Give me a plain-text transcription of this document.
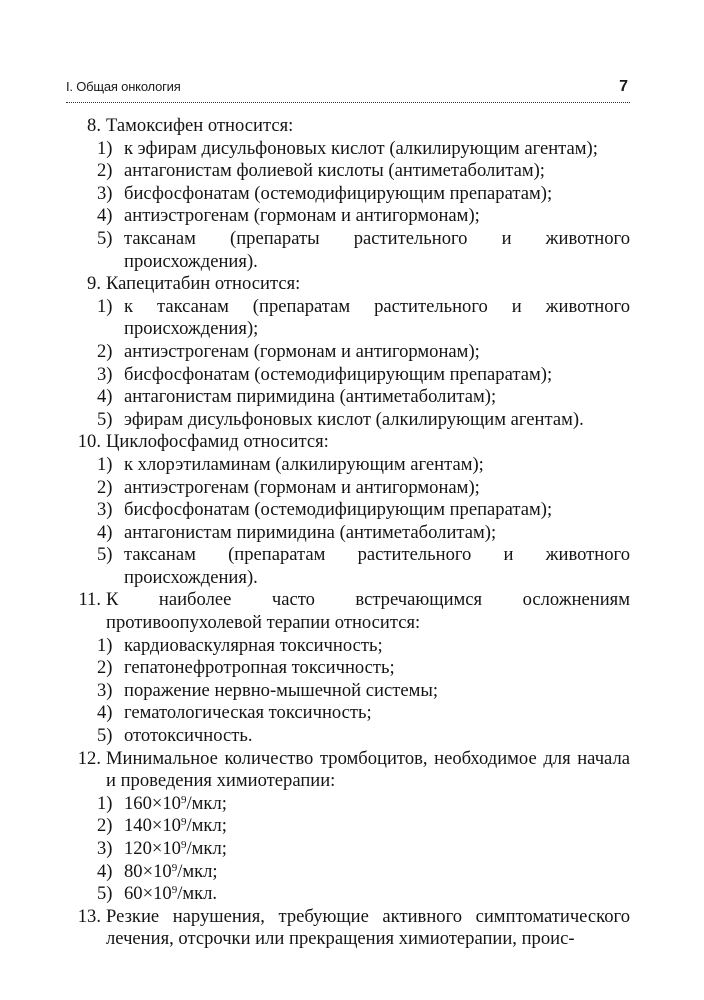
I. Общая онкология	7
8. Тамоксифен относится:
1) к эфирам дисульфоновых кислот (алкилирующим агентам);
2) антагонистам фолиевой кислоты (антиметаболитам);
3) бисфосфонатам (остемодифицирующим препаратам);
4) антиэстрогенам (гормонам и антигормонам);
5) таксанам (препараты растительного и животного происхождения).
9. Капецитабин относится:
1) к таксанам (препаратам растительного и животного происхождения);
2) антиэстрогенам (гормонам и антигормонам);
3) бисфосфонатам (остемодифицирующим препаратам);
4) антагонистам пиримидина (антиметаболитам);
5) эфирам дисульфоновых кислот (алкилирующим агентам).
10. Циклофосфамид относится:
1) к хлорэтиламинам (алкилирующим агентам);
2) антиэстрогенам (гормонам и антигормонам);
3) бисфосфонатам (остемодифицирующим препаратам);
4) антагонистам пиримидина (антиметаболитам);
5) таксанам (препаратам растительного и животного происхождения).
11. К наиболее часто встречающимся осложнениям противоопухолевой терапии относится:
1) кардиоваскулярная токсичность;
2) гепатонефротропная токсичность;
3) поражение нервно-мышечной системы;
4) гематологическая токсичность;
5) ототоксичность.
12. Минимальное количество тромбоцитов, необходимое для начала и проведения химиотерапии:
1) $160\times 10^9$/мкл;
2) $140\times 10^9$/мкл;
3) $120\times 10^9$/мкл;
4) $80\times 10^9$/мкл;
5) $60\times 10^9$/мкл.
13. Резкие нарушения, требующие активного симптоматического лечения, отсрочки или прекращения химиотерапии, проис-
